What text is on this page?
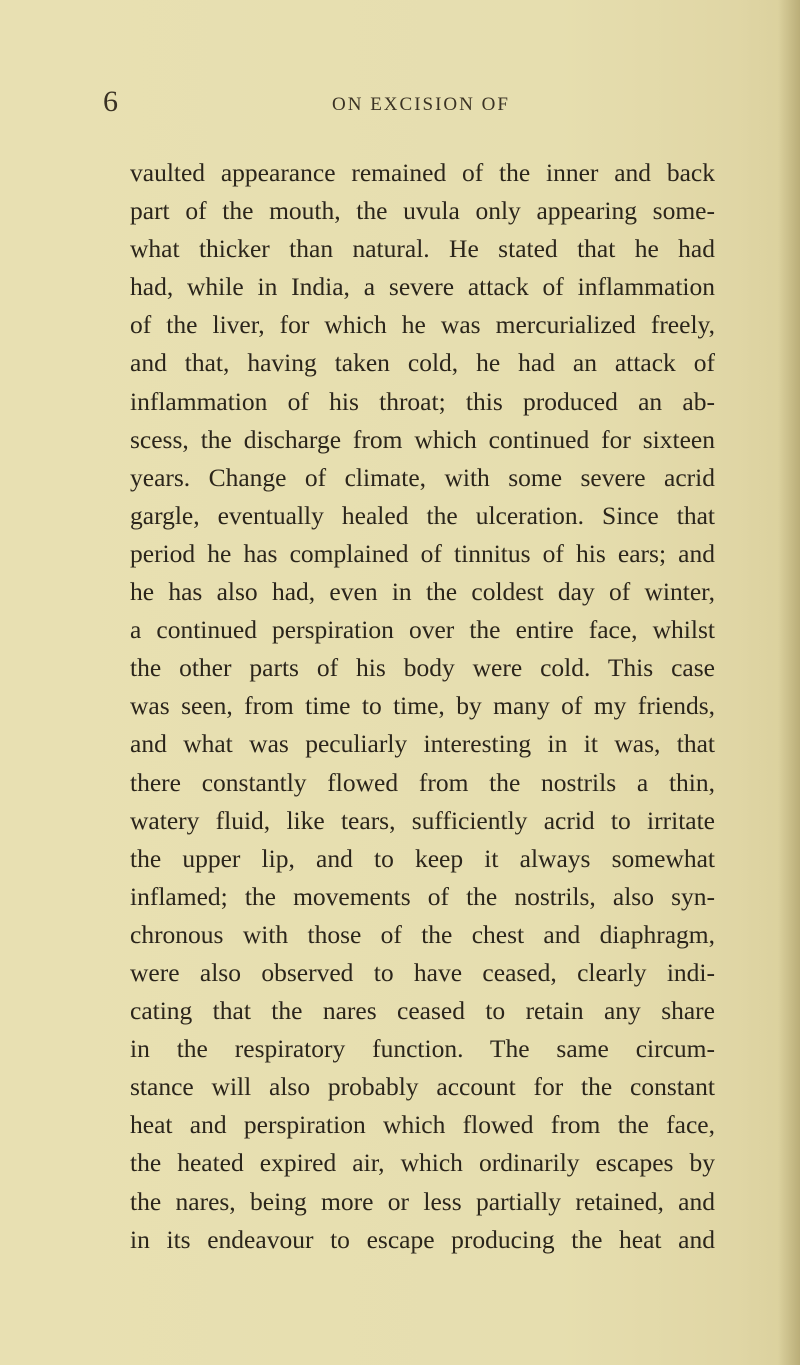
6	ON EXCISION OF
vaulted appearance remained of the inner and back
part of the mouth, the uvula only appearing some-
what thicker than natural. He stated that he had
had, while in India, a severe attack of inflammation
of the liver, for which he was mercurialized freely,
and that, having taken cold, he had an attack of
inflammation of his throat; this produced an ab-
scess, the discharge from which continued for sixteen
years. Change of climate, with some severe acrid
gargle, eventually healed the ulceration. Since that
period he has complained of tinnitus of his ears; and
he has also had, even in the coldest day of winter,
a continued perspiration over the entire face, whilst
the other parts of his body were cold. This case
was seen, from time to time, by many of my friends,
and what was peculiarly interesting in it was, that
there constantly flowed from the nostrils a thin,
watery fluid, like tears, sufficiently acrid to irritate
the upper lip, and to keep it always somewhat
inflamed; the movements of the nostrils, also syn-
chronous with those of the chest and diaphragm,
were also observed to have ceased, clearly indi-
cating that the nares ceased to retain any share
in the respiratory function. The same circum-
stance will also probably account for the constant
heat and perspiration which flowed from the face,
the heated expired air, which ordinarily escapes by
the nares, being more or less partially retained, and
in its endeavour to escape producing the heat and
